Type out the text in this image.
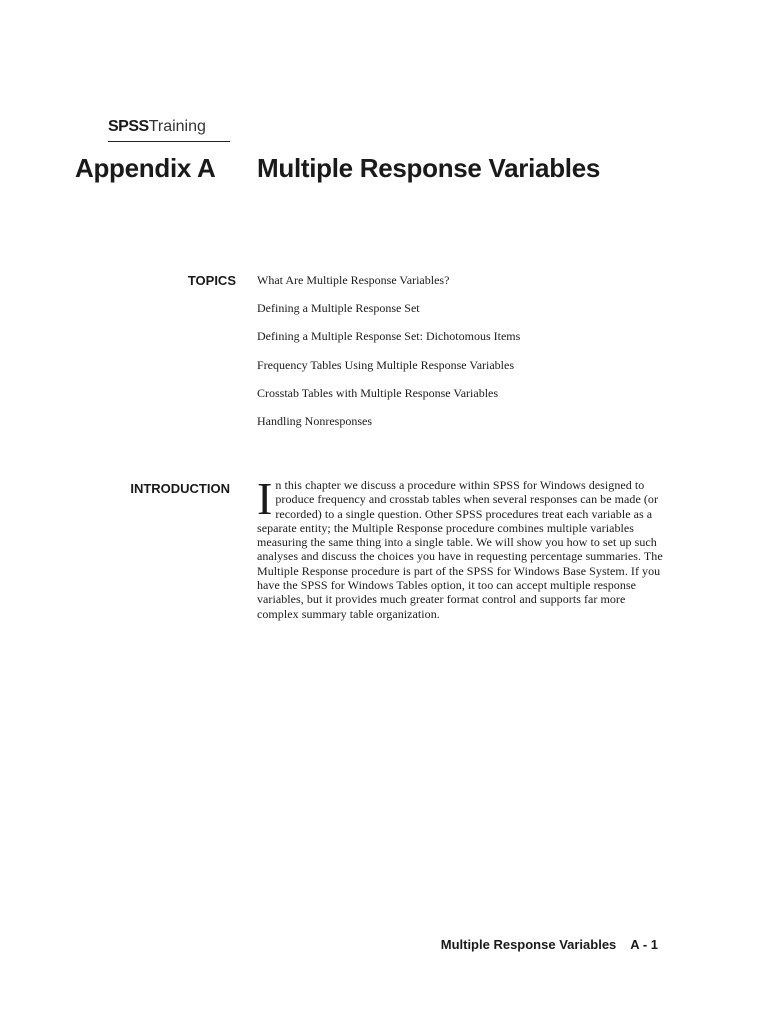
SPSSTraining
Appendix A Multiple Response Variables
TOPICS What Are Multiple Response Variables?
Defining a Multiple Response Set
Defining a Multiple Response Set: Dichotomous Items
Frequency Tables Using Multiple Response Variables
Crosstab Tables with Multiple Response Variables
Handling Nonresponses
INTRODUCTION In this chapter we discuss a procedure within SPSS for Windows designed to produce frequency and crosstab tables when several responses can be made (or recorded) to a single question. Other SPSS procedures treat each variable as a separate entity; the Multiple Response procedure combines multiple variables measuring the same thing into a single table. We will show you how to set up such analyses and discuss the choices you have in requesting percentage summaries. The Multiple Response procedure is part of the SPSS for Windows Base System. If you have the SPSS for Windows Tables option, it too can accept multiple response variables, but it provides much greater format control and supports far more complex summary table organization.
Multiple Response Variables A - 1
